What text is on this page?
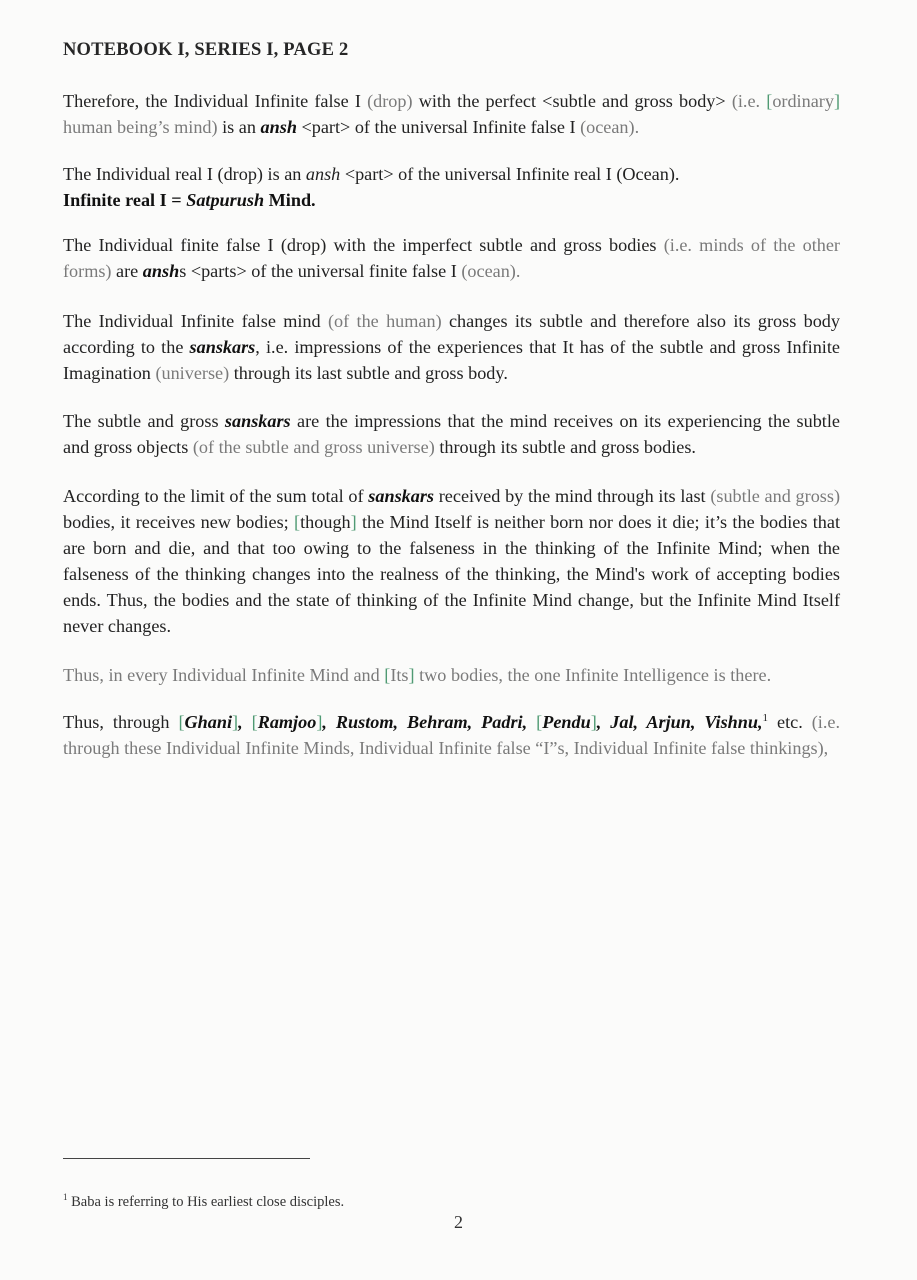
NOTEBOOK I, SERIES I, PAGE 2

Therefore, the Individual Infinite false I (drop) with the perfect <subtle and gross body> (i.e. [ordinary] human being’s mind) is an ansh <part> of the universal Infinite false I (ocean).

The Individual real I (drop) is an ansh <part> of the universal Infinite real I (Ocean).
Infinite real I = Satpurush Mind.

The Individual finite false I (drop) with the imperfect subtle and gross bodies (i.e. minds of the other forms) are anshs <parts> of the universal finite false I (ocean).

The Individual Infinite false mind (of the human) changes its subtle and therefore also its gross body according to the sanskars, i.e. impressions of the experiences that It has of the subtle and gross Infinite Imagination (universe) through its last subtle and gross body.

The subtle and gross sanskars are the impressions that the mind receives on its experiencing the subtle and gross objects (of the subtle and gross universe) through its subtle and gross bodies.

According to the limit of the sum total of sanskars received by the mind through its last (subtle and gross) bodies, it receives new bodies; [though] the Mind Itself is neither born nor does it die; it’s the bodies that are born and die, and that too owing to the falseness in the thinking of the Infinite Mind; when the falseness of the thinking changes into the realness of the thinking, the Mind's work of accepting bodies ends. Thus, the bodies and the state of thinking of the Infinite Mind change, but the Infinite Mind Itself never changes.

Thus, in every Individual Infinite Mind and [Its] two bodies, the one Infinite Intelligence is there.

Thus, through [Ghani], [Ramjoo], Rustom, Behram, Padri, [Pendu], Jal, Arjun, Vishnu,$^1$ etc. (i.e. through these Individual Infinite Minds, Individual Infinite false “I”s, Individual Infinite false thinkings),

$^1$ Baba is referring to His earliest close disciples.

2
